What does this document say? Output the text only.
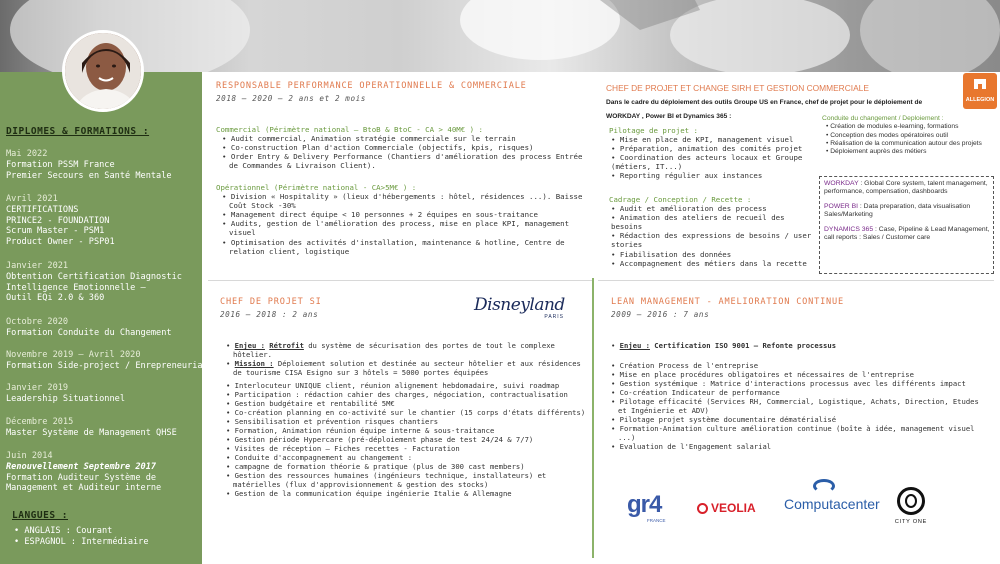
DIPLOMES & FORMATIONS :
Mai 2022
Formation PSSM France
Premier Secours en Santé Mentale
Avril 2021
CERTIFICATIONS
PRINCE2 - FOUNDATION
Scrum Master - PSM1
Product Owner - PSP01
Janvier 2021
Obtention Certification Diagnostic
Intelligence Emotionnelle –
Outil EQi 2.0 & 360
Octobre 2020
Formation Conduite du Changement
Novembre 2019 – Avril 2020
Formation Side-project / Enrepreneuriat
Janvier 2019
Leadership Situationnel
Décembre 2015
Master Système de Management QHSE
Juin 2014
Renouvellement Septembre 2017
Formation Auditeur Système de
Management et Auditeur interne
LANGUES :
• ANGLAIS : Courant
• ESPAGNOL : Intermédiaire
RESPONSABLE PERFORMANCE OPERATIONNELLE & COMMERCIALE
2018 – 2020 – 2 ans et 2 mois
Commercial (Périmètre national – BtoB & BtoC - CA > 40M€ ) :
• Audit commercial, Animation stratégie commerciale sur le terrain
• Co-construction Plan d'action Commerciale (objectifs, kpis, risques)
• Order Entry & Delivery Performance (Chantiers d'amélioration des process Entrée de Commandes & Livraison Client).
Opérationnel (Périmètre national - CA>5M€ ) :
• Division « Hospitality » (lieux d'hébergements : hôtel, résidences ...). Baisse Coût Stock -30%
• Management direct équipe < 10 personnes + 2 équipes en sous-traitance
• Audits, gestion de l'amélioration des process, mise en place KPI, management visuel
• Optimisation des activités d'installation, maintenance & hotline, Centre de relation client, logistique
CHEF DE PROJET ET CHANGE SIRH ET GESTION COMMERCIALE
Dans le cadre du déploiement des outils Groupe US en France, chef de projet pour le déploiement de
WORKDAY , Power BI et Dynamics 365 :
ALLEGION
Pilotage de projet :
• Mise en place de KPI, management visuel
• Préparation, animation des comités projet
• Coordination des acteurs locaux et Groupe (métiers, IT...)
• Reporting régulier aux instances
Cadrage / Conception / Recette :
• Audit et amélioration des process
• Animation des ateliers de recueil des besoins
• Rédaction des expressions de besoins / user stories
• Fiabilisation des données
• Accompagnement des métiers dans la recette
Conduite du changement / Deploiement :
• Création de modules e-learning, formations
• Conception des modes opératoires outil
• Réalisation de la communication autour des projets
• Déploiement auprès des métiers
WORKDAY : Global Core system, talent management, performance, compensation, dashboards
POWER BI : Data preparation, data visualisation Sales/Marketing
DYNAMICS 365 : Case, Pipeline & Lead Management, call reports : Sales / Customer care
CHEF DE PROJET SI
2016 – 2018 : 2 ans	Disneyland
PARIS
• Enjeu : Rétrofit du système de sécurisation des portes de tout le complexe hôtelier.
• Mission : Déploiement solution et destinée au secteur hôtelier et aux résidences de tourisme CISA Esigno sur 3 hôtels = 5000 portes équipées
• Interlocuteur UNIQUE client, réunion alignement hebdomadaire, suivi roadmap
• Participation : rédaction cahier des charges, négociation, contractualisation
• Gestion budgétaire et rentabilité 5M€
• Co-création planning en co-activité sur le chantier (15 corps d'états différents)
• Sensibilisation et prévention risques chantiers
• Formation, Animation réunion équipe interne & sous-traitance
• Gestion période Hypercare (pré-déploiement phase de test 24/24 & 7/7)
• Visites de réception – Fiches recettes - Facturation
• Conduite d'accompagnement au changement :
• campagne de formation théorie & pratique (plus de 300 cast members)
• Gestion des ressources humaines (ingénieurs technique, installateurs) et matérielles (flux d'approvisionnement & gestion des stocks)
• Gestion de la communication équipe ingénierie Italie & Allemagne
LEAN MANAGEMENT - AMELIORATION CONTINUE
2009 – 2016 : 7 ans
• Enjeu : Certification ISO 9001 – Refonte processus
• Création Process de l'entreprise
• Mise en place procédures obligatoires et nécessaires de l'entreprise
• Gestion systémique : Matrice d'interactions processus avec les différents impact
• Co-création Indicateur de performance
• Pilotage efficacité (Services RH, Commercial, Logistique, Achats, Direction, Etudes et Ingénierie et ADV)
• Pilotage projet système documentaire dématérialisé
• Formation-Animation culture amélioration continue (boîte à idée, management visuel ...)
• Evaluation de l'Engagement salarial
gr4
FRANCE
VEOLIA Computacenter
CITY ONE
